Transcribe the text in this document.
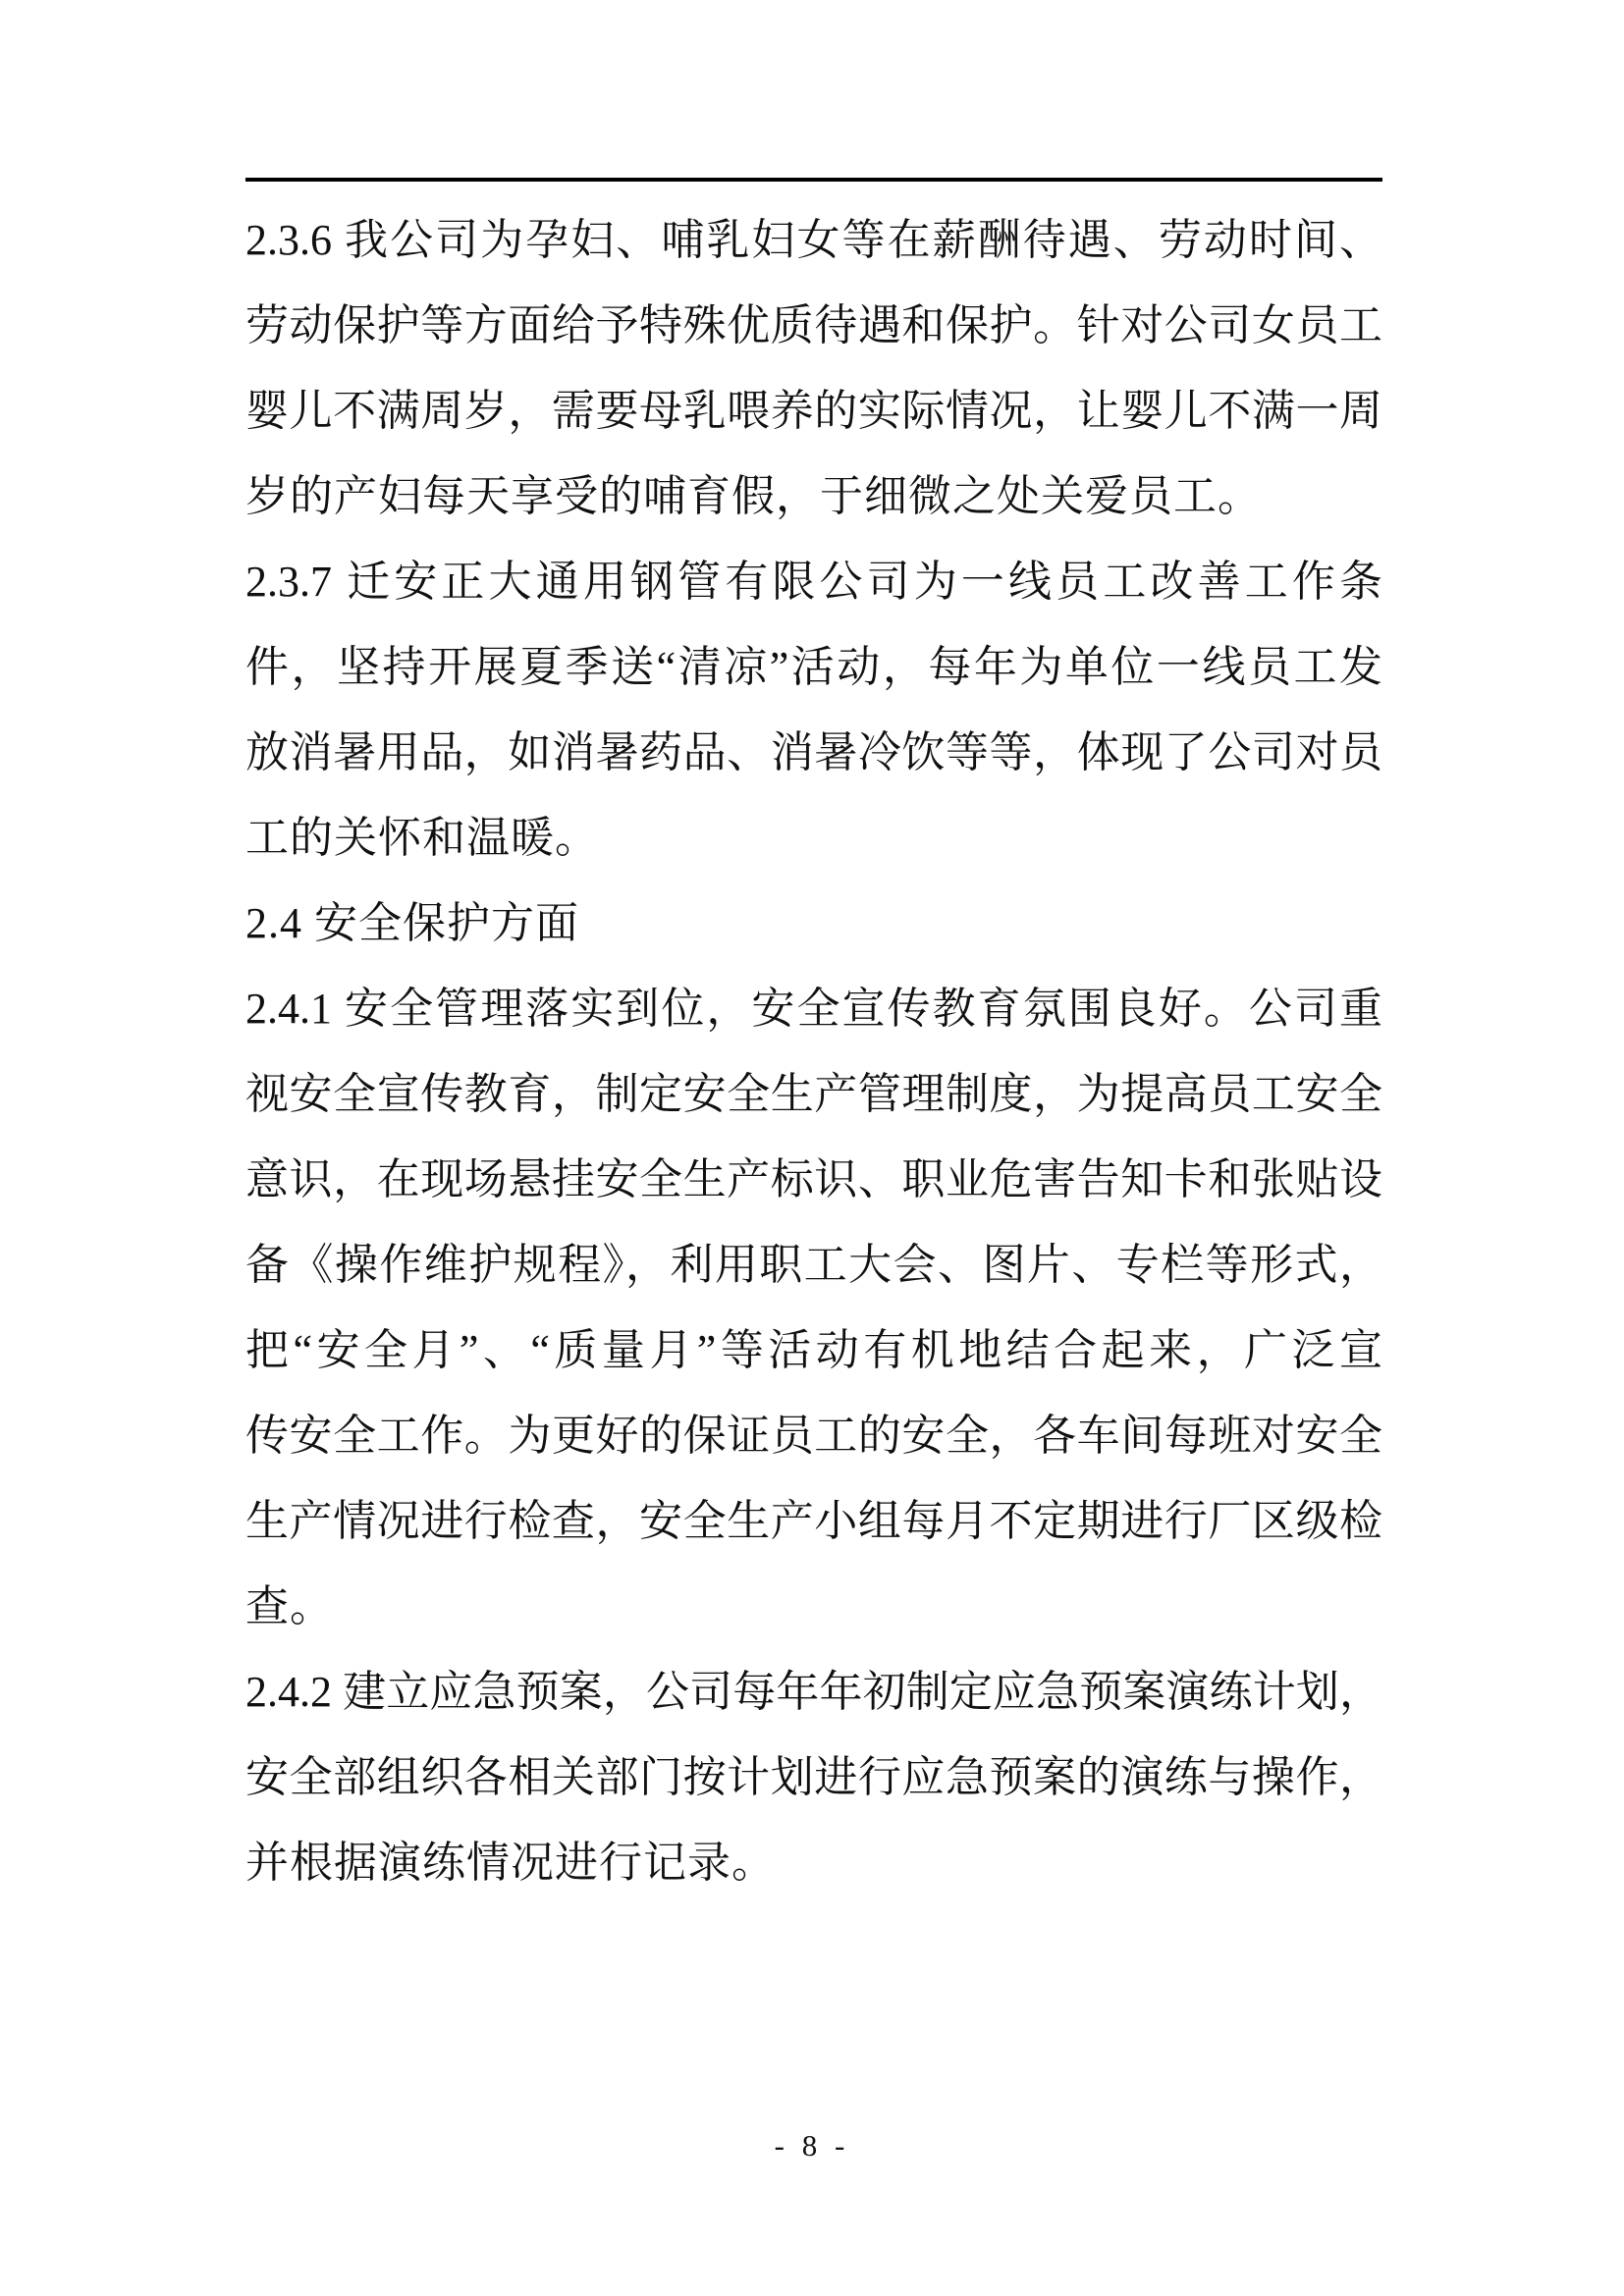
2.3.6 我公司为孕妇、哺乳妇女等在薪酬待遇、劳动时间、
劳动保护等方面给予特殊优质待遇和保护。针对公司女员工
婴儿不满周岁，需要母乳喂养的实际情况，让婴儿不满一周
岁的产妇每天享受的哺育假，于细微之处关爱员工。
2.3.7 迁安正大通用钢管有限公司为一线员工改善工作条
件，坚持开展夏季送“清凉”活动，每年为单位一线员工发
放消暑用品，如消暑药品、消暑冷饮等等，体现了公司对员
工的关怀和温暖。
2.4 安全保护方面
2.4.1 安全管理落实到位，安全宣传教育氛围良好。公司重
视安全宣传教育，制定安全生产管理制度，为提高员工安全
意识，在现场悬挂安全生产标识、职业危害告知卡和张贴设
备《操作维护规程》，利用职工大会、图片、专栏等形式，
把“安全月”、“质量月”等活动有机地结合起来，广泛宣
传安全工作。为更好的保证员工的安全，各车间每班对安全
生产情况进行检查，安全生产小组每月不定期进行厂区级检
查。
2.4.2 建立应急预案，公司每年年初制定应急预案演练计划，
安全部组织各相关部门按计划进行应急预案的演练与操作，
并根据演练情况进行记录。
- 8 -
